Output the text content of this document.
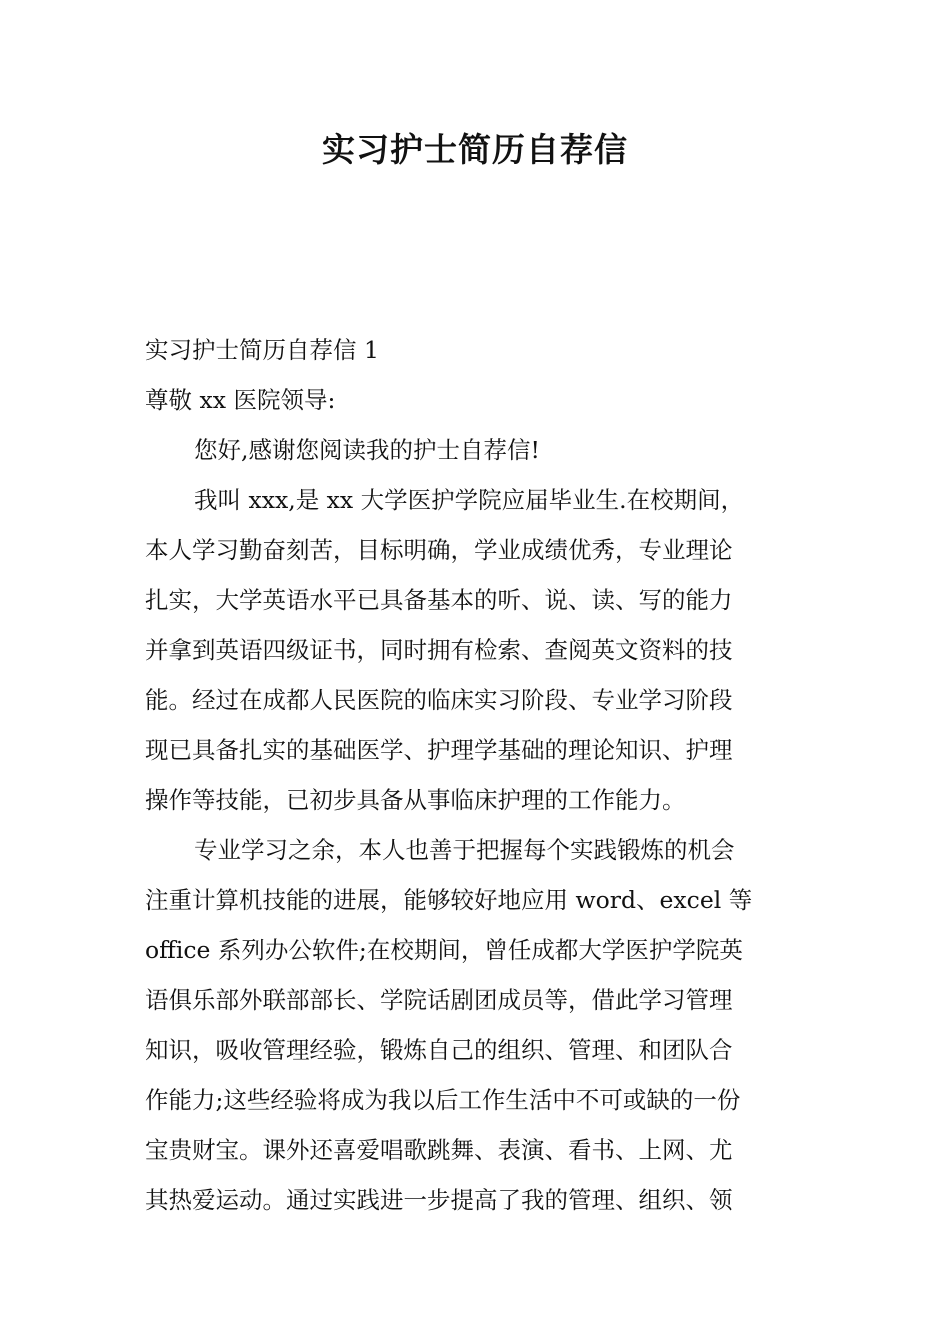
实习护士简历自荐信
实习护士简历自荐信 1
尊敬 xx 医院领导:
您好,感谢您阅读我的护士自荐信!
我叫 xxx,是 xx 大学医护学院应届毕业生.在校期间，
本人学习勤奋刻苦，目标明确，学业成绩优秀，专业理论
扎实，大学英语水平已具备基本的听、说、读、写的能力
并拿到英语四级证书，同时拥有检索、查阅英文资料的技
能。经过在成都人民医院的临床实习阶段、专业学习阶段
现已具备扎实的基础医学、护理学基础的理论知识、护理
操作等技能，已初步具备从事临床护理的工作能力。
专业学习之余，本人也善于把握每个实践锻炼的机会
注重计算机技能的进展，能够较好地应用 word、excel 等
office 系列办公软件;在校期间，曾任成都大学医护学院英
语俱乐部外联部部长、学院话剧团成员等，借此学习管理
知识，吸收管理经验，锻炼自己的组织、管理、和团队合
作能力;这些经验将成为我以后工作生活中不可或缺的一份
宝贵财宝。课外还喜爱唱歌跳舞、表演、看书、上网、尤
其热爱运动。通过实践进一步提高了我的管理、组织、领
